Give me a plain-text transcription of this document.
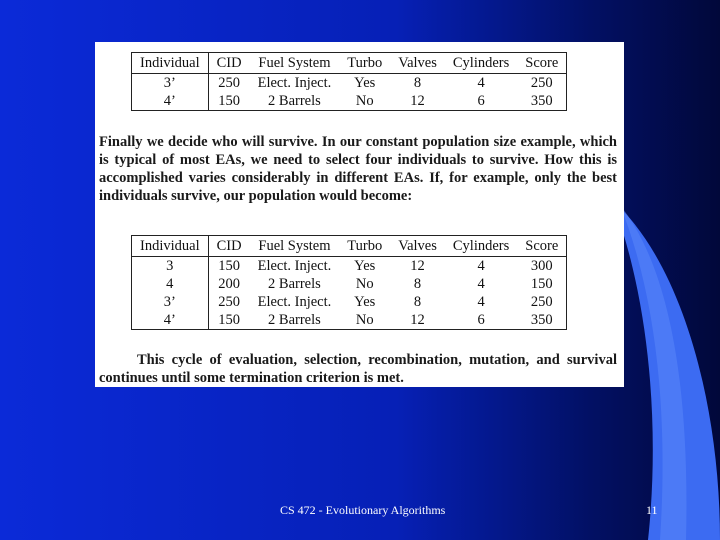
Individual	CID	Fuel System	Turbo	Valves	Cylinders	Score
3’	250	Elect. Inject.	Yes	8	4	250
4’	150	2 Barrels	No	12	6	350

Finally we decide who will survive. In our constant population size example, which is typical of most EAs, we need to select four individuals to survive. How this is accomplished varies considerably in different EAs. If, for example, only the best individuals survive, our population would become:

Individual	CID	Fuel System	Turbo	Valves	Cylinders	Score
3	150	Elect. Inject.	Yes	12	4	300
4	200	2 Barrels	No	8	4	150
3’	250	Elect. Inject.	Yes	8	4	250
4’	150	2 Barrels	No	12	6	350

This cycle of evaluation, selection, recombination, mutation, and survival continues until some termination criterion is met.

CS 472 - Evolutionary Algorithms	11
